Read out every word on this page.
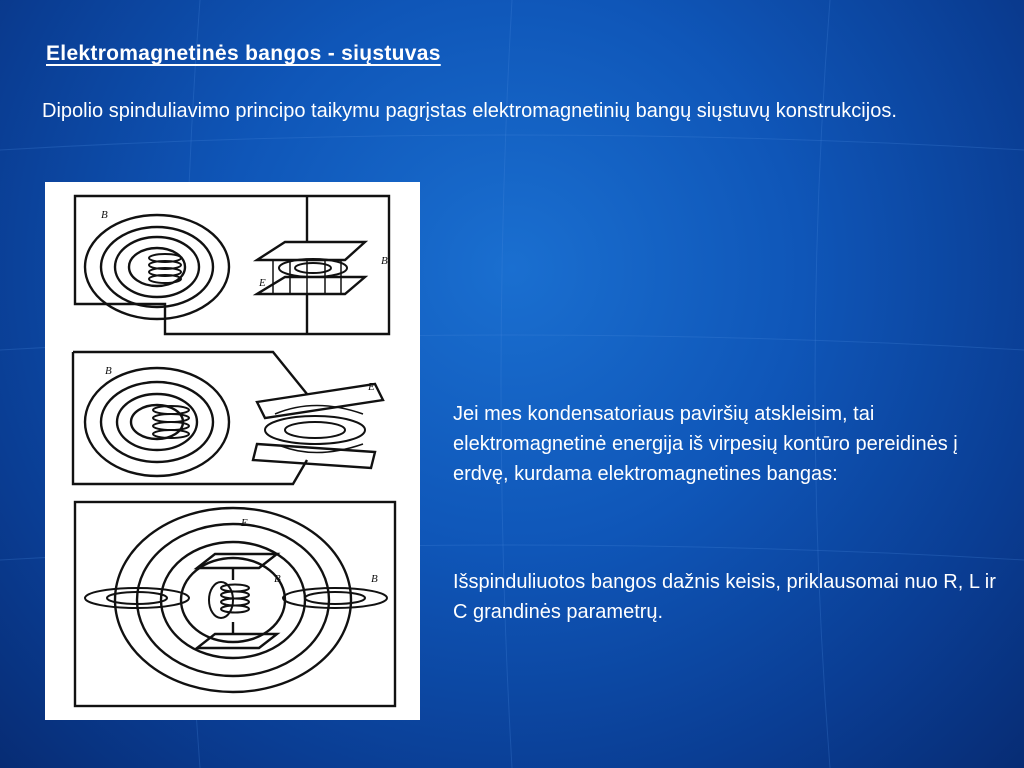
Elektromagnetinės bangos - siųstuvas

Dipolio spinduliavimo principo taikymu pagrįstas elektromagnetinių bangų siųstuvų konstrukcijos.

B
B
E
B
E
E
B	B

Jei mes kondensatoriaus paviršių atskleisim, tai elektromagnetinė energija iš virpesių kontūro pereidinės į erdvę, kurdama elektromagnetines bangas:

Išspinduliuotos bangos dažnis keisis, priklausomai nuo R, L ir C grandinės parametrų.
